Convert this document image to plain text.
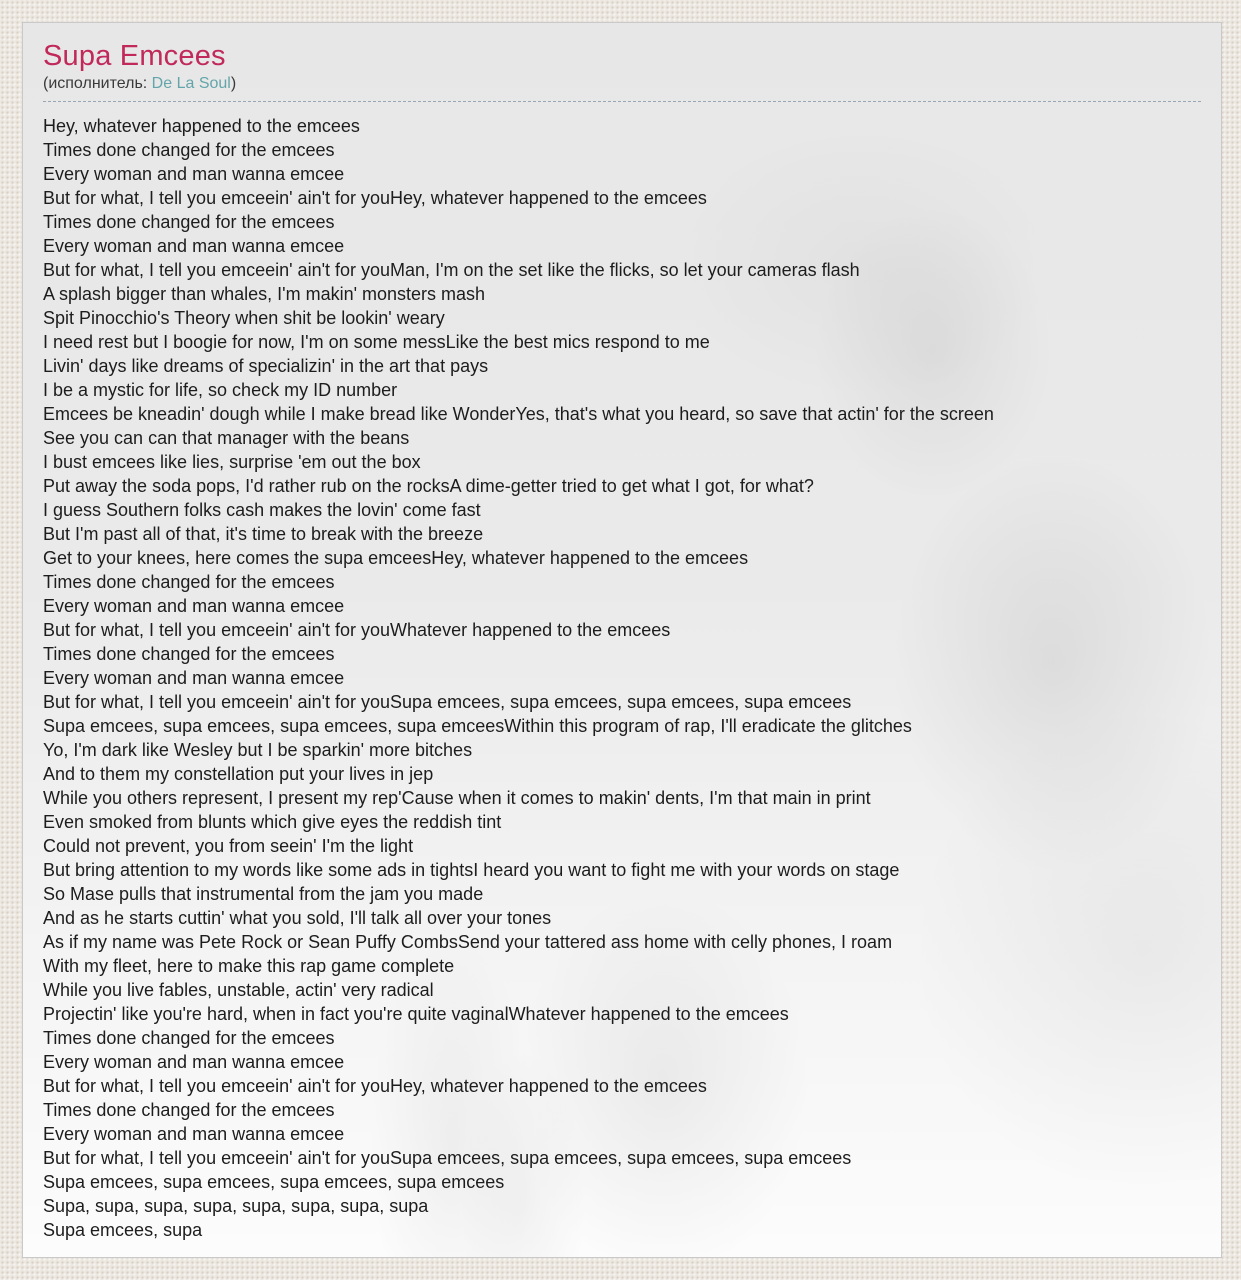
Supa Emcees
(исполнитель: De La Soul)
Hey, whatever happened to the emcees
Times done changed for the emcees
Every woman and man wanna emcee
But for what, I tell you emceein' ain't for youHey, whatever happened to the emcees
Times done changed for the emcees
Every woman and man wanna emcee
But for what, I tell you emceein' ain't for youMan, I'm on the set like the flicks, so let your cameras flash
A splash bigger than whales, I'm makin' monsters mash
Spit Pinocchio's Theory when shit be lookin' weary
I need rest but I boogie for now, I'm on some messLike the best mics respond to me
Livin' days like dreams of specializin' in the art that pays
I be a mystic for life, so check my ID number
Emcees be kneadin' dough while I make bread like WonderYes, that's what you heard, so save that actin' for the screen
See you can can that manager with the beans
I bust emcees like lies, surprise 'em out the box
Put away the soda pops, I'd rather rub on the rocksA dime-getter tried to get what I got, for what?
I guess Southern folks cash makes the lovin' come fast
But I'm past all of that, it's time to break with the breeze
Get to your knees, here comes the supa emceesHey, whatever happened to the emcees
Times done changed for the emcees
Every woman and man wanna emcee
But for what, I tell you emceein' ain't for youWhatever happened to the emcees
Times done changed for the emcees
Every woman and man wanna emcee
But for what, I tell you emceein' ain't for youSupa emcees, supa emcees, supa emcees, supa emcees
Supa emcees, supa emcees, supa emcees, supa emceesWithin this program of rap, I'll eradicate the glitches
Yo, I'm dark like Wesley but I be sparkin' more bitches
And to them my constellation put your lives in jep
While you others represent, I present my rep'Cause when it comes to makin' dents, I'm that main in print
Even smoked from blunts which give eyes the reddish tint
Could not prevent, you from seein' I'm the light
But bring attention to my words like some ads in tightsI heard you want to fight me with your words on stage
So Mase pulls that instrumental from the jam you made
And as he starts cuttin' what you sold, I'll talk all over your tones
As if my name was Pete Rock or Sean Puffy CombsSend your tattered ass home with celly phones, I roam
With my fleet, here to make this rap game complete
While you live fables, unstable, actin' very radical
Projectin' like you're hard, when in fact you're quite vaginalWhatever happened to the emcees
Times done changed for the emcees
Every woman and man wanna emcee
But for what, I tell you emceein' ain't for youHey, whatever happened to the emcees
Times done changed for the emcees
Every woman and man wanna emcee
But for what, I tell you emceein' ain't for youSupa emcees, supa emcees, supa emcees, supa emcees
Supa emcees, supa emcees, supa emcees, supa emcees
Supa, supa, supa, supa, supa, supa, supa, supa
Supa emcees, supa
